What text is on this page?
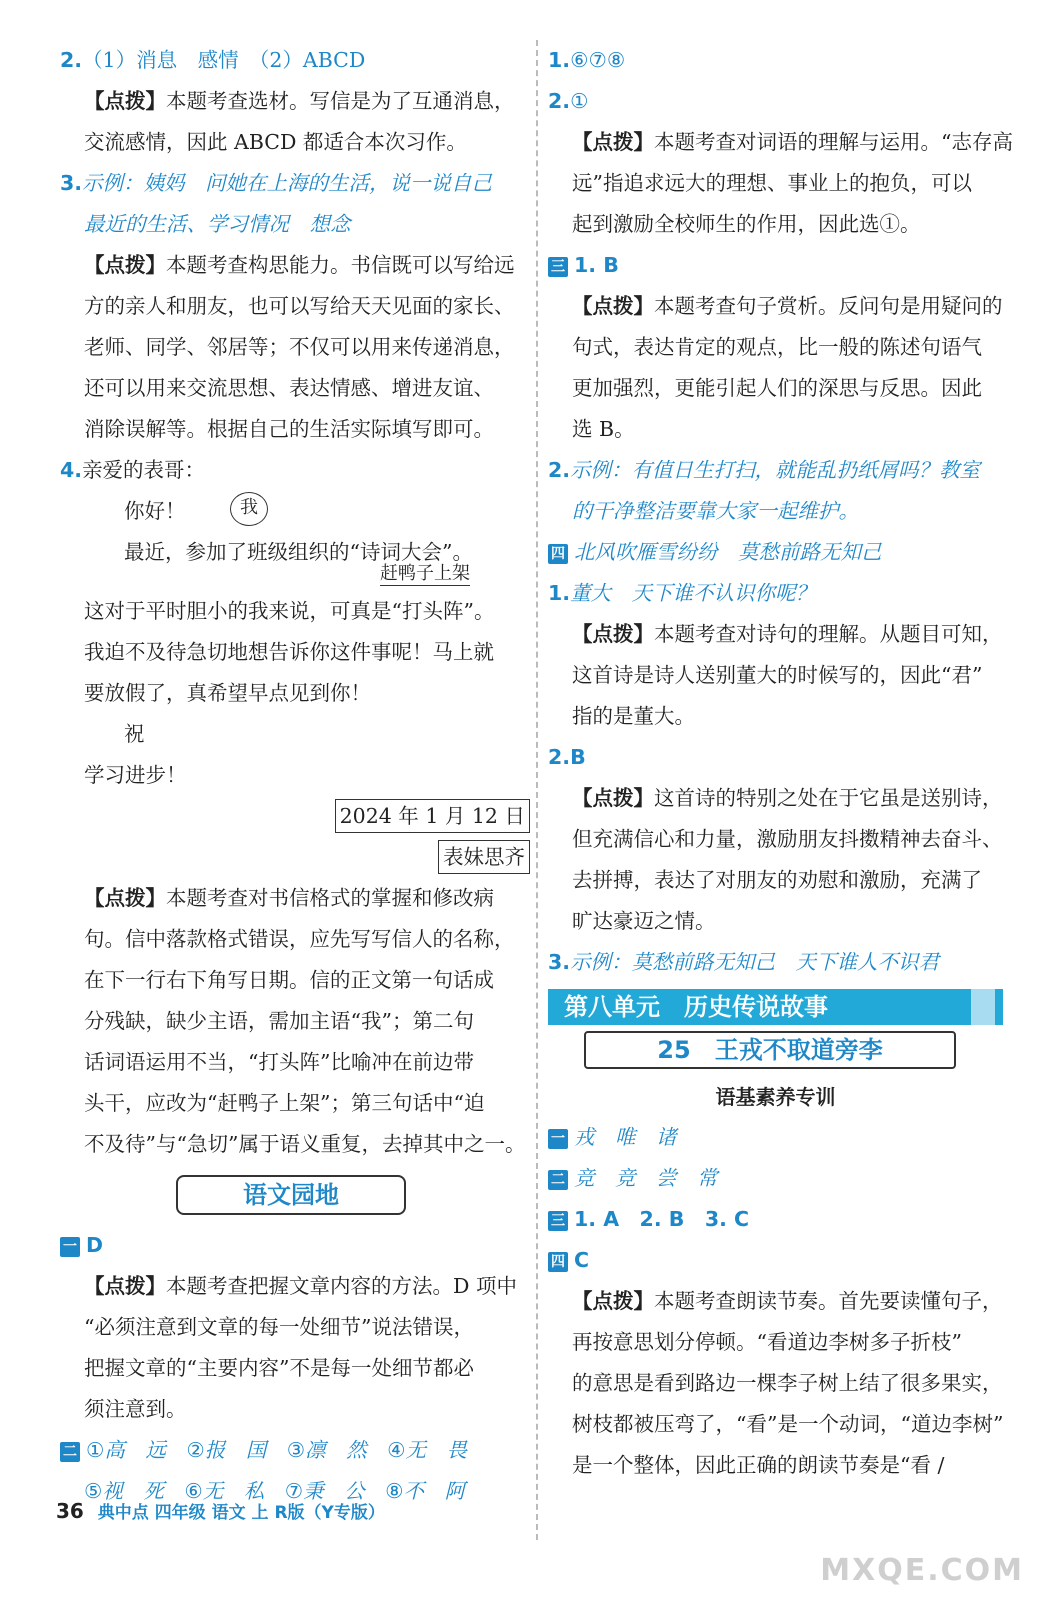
2.（1）消息　感情　（2）ABCD
【点拨】本题考查选材。写信是为了互通消息，
交流感情，因此 ABCD 都适合本次习作。
3.示例：姨妈　问她在上海的生活，说一说自己
最近的生活、学习情况　想念
【点拨】本题考查构思能力。书信既可以写给远
方的亲人和朋友，也可以写给天天见面的家长、
老师、同学、邻居等；不仅可以用来传递消息，
还可以用来交流思想、表达情感、增进友谊、
消除误解等。根据自己的生活实际填写即可。
4.亲爱的表哥：
你好！	我
最近，参加了班级组织的“诗词大会”。
赶鸭子上架
这对于平时胆小的我来说，可真是“打头阵”。
我迫不及待急切地想告诉你这件事呢！马上就
要放假了，真希望早点见到你！
祝
学习进步！
2024 年 1 月 12 日
表妹思齐
【点拨】本题考查对书信格式的掌握和修改病
句。信中落款格式错误，应先写写信人的名称，
在下一行右下角写日期。信的正文第一句话成
分残缺，缺少主语，需加主语“我”；第二句
话词语运用不当，“打头阵”比喻冲在前边带
头干，应改为“赶鸭子上架”；第三句话中“迫
不及待”与“急切”属于语义重复，去掉其中之一。
语文园地
一 D
【点拨】本题考查把握文章内容的方法。D 项中
“必须注意到文章的每一处细节”说法错误，
把握文章的“主要内容”不是每一处细节都必
须注意到。
二 ①高　远　②报　国　③凛　然　④无　畏
⑤视　死　⑥无　私　⑦秉　公　⑧不　阿
1.⑥⑦⑧
2.①
【点拨】本题考查对词语的理解与运用。“志存高
远”指追求远大的理想、事业上的抱负，可以
起到激励全校师生的作用，因此选①。
三 1. B
【点拨】本题考查句子赏析。反问句是用疑问的
句式，表达肯定的观点，比一般的陈述句语气
更加强烈，更能引起人们的深思与反思。因此
选 B。
2.示例：有值日生打扫，就能乱扔纸屑吗？教室
的干净整洁要靠大家一起维护。
四 北风吹雁雪纷纷　莫愁前路无知己
1.董大　天下谁不认识你呢？
【点拨】本题考查对诗句的理解。从题目可知，
这首诗是诗人送别董大的时候写的，因此“君”
指的是董大。
2.B
【点拨】这首诗的特别之处在于它虽是送别诗，
但充满信心和力量，激励朋友抖擞精神去奋斗、
去拼搏，表达了对朋友的劝慰和激励，充满了
旷达豪迈之情。
3.示例：莫愁前路无知己　天下谁人不识君
第八单元　历史传说故事
25　王戎不取道旁李
语基素养专训
一 戎　唯　诸
二 竞　竞　尝　常
三 1. A　2. B　3. C
四 C
【点拨】本题考查朗读节奏。首先要读懂句子，
再按意思划分停顿。“看道边李树多子折枝”
的意思是看到路边一棵李子树上结了很多果实，
树枝都被压弯了，“看”是一个动词，“道边李树”
是一个整体，因此正确的朗读节奏是“看 /
36 典中点 四年级 语文 上 R版（Y专版）
MXQE.COM
